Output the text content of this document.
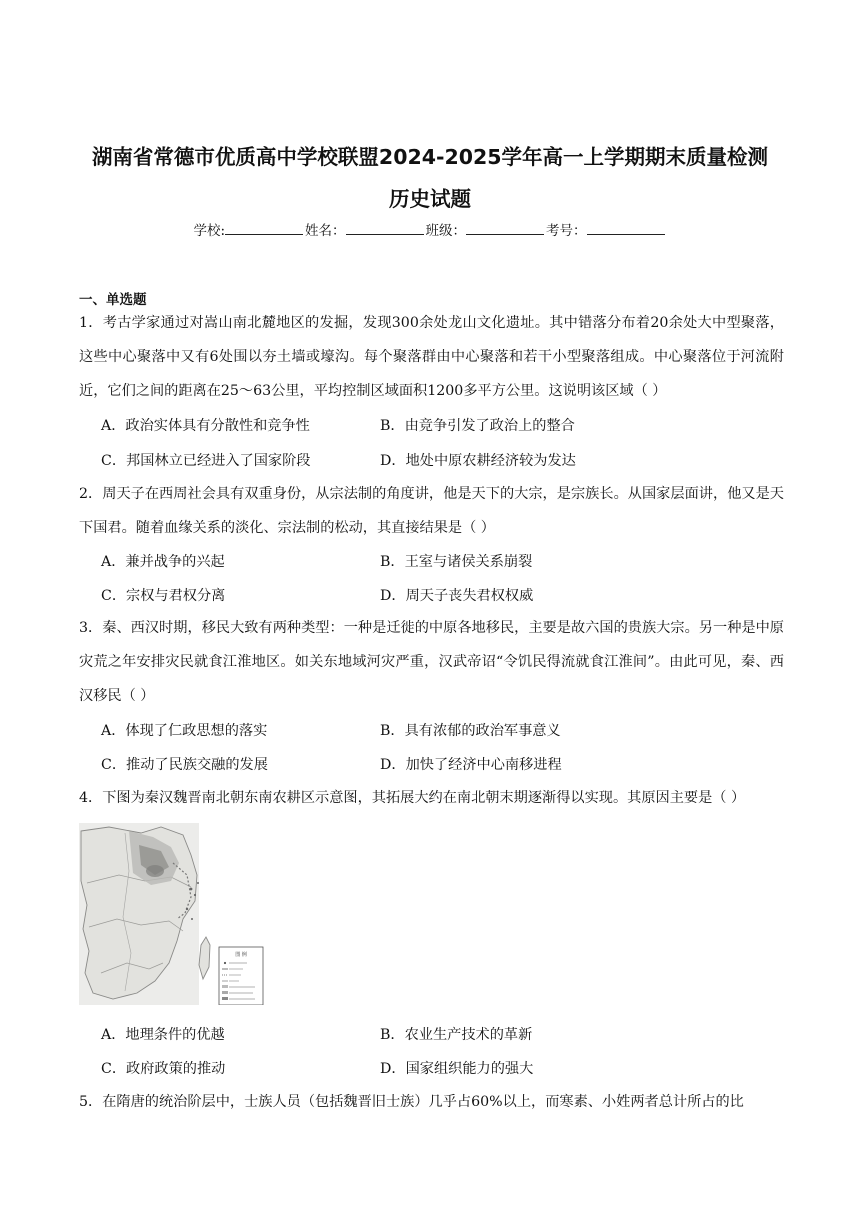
湖南省常德市优质高中学校联盟2024-2025学年高一上学期期末质量检测
历史试题
学校:	姓名：	班级：	考号：
一、单选题
1．考古学家通过对嵩山南北麓地区的发掘，发现300余处龙山文化遗址。其中错落分布着20余处大中型聚落，这些中心聚落中又有6处围以夯土墙或壕沟。每个聚落群由中心聚落和若干小型聚落组成。中心聚落位于河流附近，它们之间的距离在25～63公里，平均控制区域面积1200多平方公里。这说明该区域（ ）
A．政治实体具有分散性和竞争性	B．由竞争引发了政治上的整合
C．邦国林立已经进入了国家阶段	D．地处中原农耕经济较为发达
2．周天子在西周社会具有双重身份，从宗法制的角度讲，他是天下的大宗，是宗族长。从国家层面讲，他又是天下国君。随着血缘关系的淡化、宗法制的松动，其直接结果是（ ）
A．兼并战争的兴起	B．王室与诸侯关系崩裂
C．宗权与君权分离	D．周天子丧失君权权威
3．秦、西汉时期，移民大致有两种类型：一种是迁徙的中原各地移民，主要是故六国的贵族大宗。另一种是中原灾荒之年安排灾民就食江淮地区。如关东地域河灾严重，汉武帝诏“令饥民得流就食江淮间”。由此可见，秦、西汉移民（ ）
A．体现了仁政思想的落实	B．具有浓郁的政治军事意义
C．推动了民族交融的发展	D．加快了经济中心南移进程
4．下图为秦汉魏晋南北朝东南农耕区示意图，其拓展大约在南北朝末期逐渐得以实现。其原因主要是（ ）
图 例
A．地理条件的优越	B．农业生产技术的革新
C．政府政策的推动	D．国家组织能力的强大
5．在隋唐的统治阶层中，士族人员（包括魏晋旧士族）几乎占60%以上，而寒素、小姓两者总计所占的比
